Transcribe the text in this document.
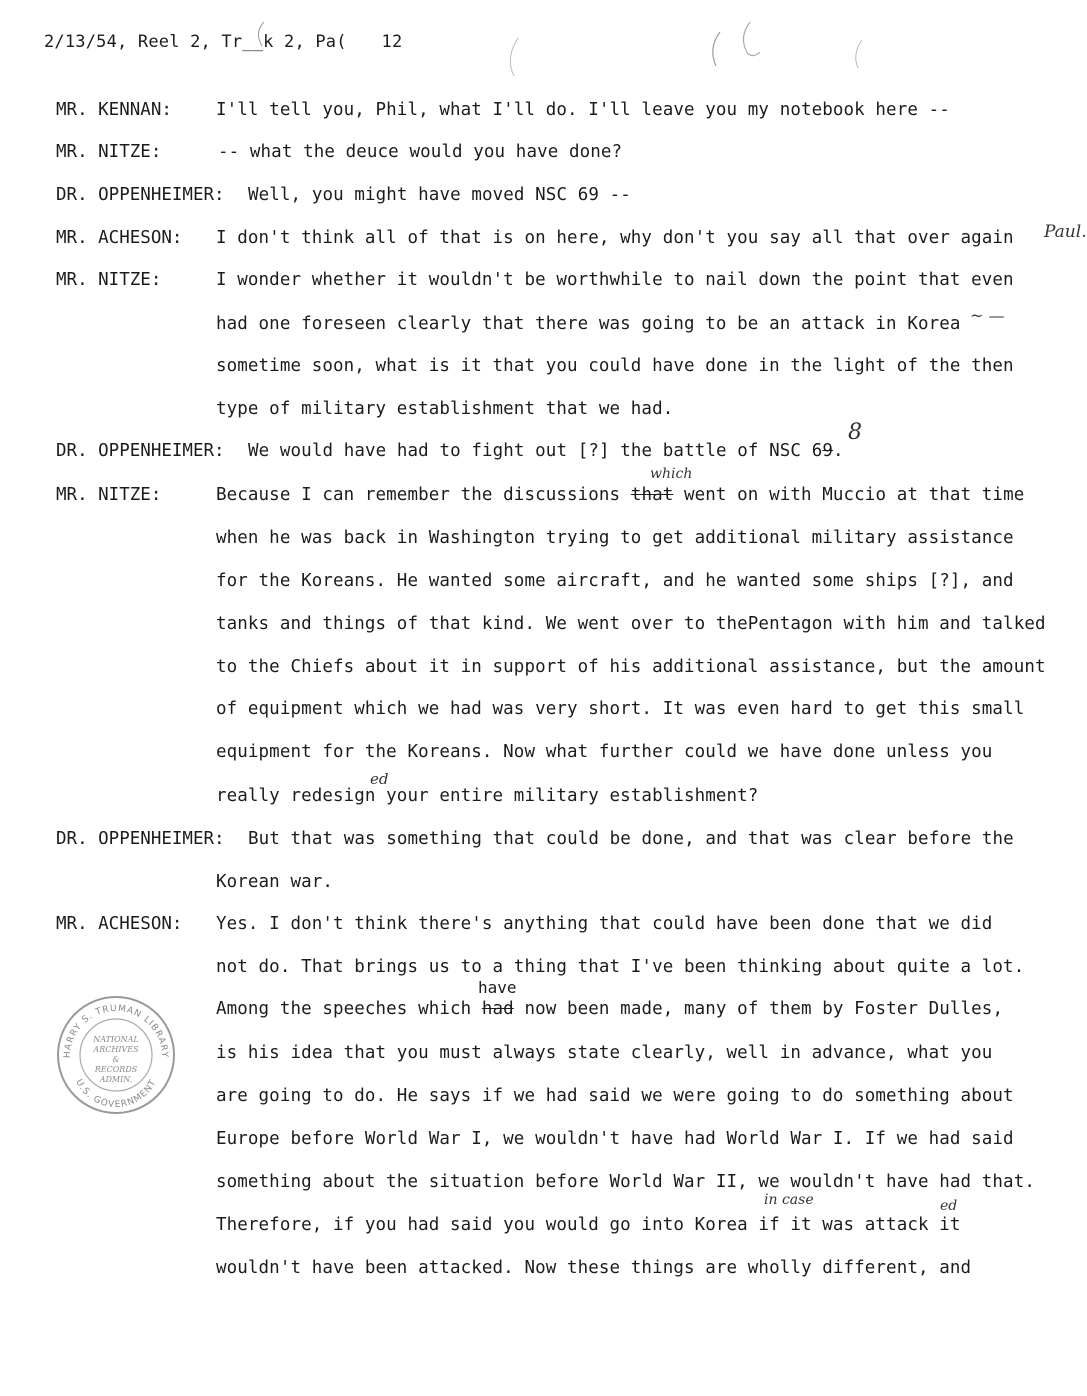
2/13/54, Reel 2, Tr__k 2, Pa( 12
MR. KENNAN:
MR. NITZE:
DR. OPPENHEIMER:
MR. ACHESON:
MR. NITZE:
DR. OPPENHEIMER:
MR. NITZE:
DR. OPPENHEIMER:
MR. ACHESON:
I'll tell you, Phil, what I'll do. I'll leave you my notebook here --
-- what the deuce would you have done?
Well, you might have moved NSC 69 --
I don't think all of that is on here, why don't you say all that over again Paul.
I wonder whether it wouldn't be worthwhile to nail down the point that even
had one foreseen clearly that there was going to be an attack in Korea ~ —
sometime soon, what is it that you could have done in the light of the then
type of military establishment that we had.
We would have had to fight out [?] the battle of NSC 69.
8
Because I can remember the discussions that went on with Muccio at that time
which
when he was back in Washington trying to get additional military assistance
for the Koreans. He wanted some aircraft, and he wanted some ships [?], and
tanks and things of that kind. We went over to thePentagon with him and talked
to the Chiefs about it in support of his additional assistance, but the amount
of equipment which we had was very short. It was even hard to get this small
equipment for the Koreans. Now what further could we have done unless you
really redesign your entire military establishment?
ed
But that was something that could be done, and that was clear before the
Korean war.
Yes. I don't think there's anything that could have been done that we did
not do. That brings us to a thing that I've been thinking about quite a lot.
have
Among the speeches which had now been made, many of them by Foster Dulles,
is his idea that you must always state clearly, well in advance, what you
are going to do. He says if we had said we were going to do something about
Europe before World War I, we wouldn't have had World War I. If we had said
something about the situation before World War II, we wouldn't have had that.
in case
Therefore, if you had said you would go into Korea if it was attack it
ed
wouldn't have been attacked. Now these things are wholly different, and
HARRY S. TRUMAN LIBRARY
U.S. GOVERNMENT
NATIONAL ARCHIVES & RECORDS ADMIN.
